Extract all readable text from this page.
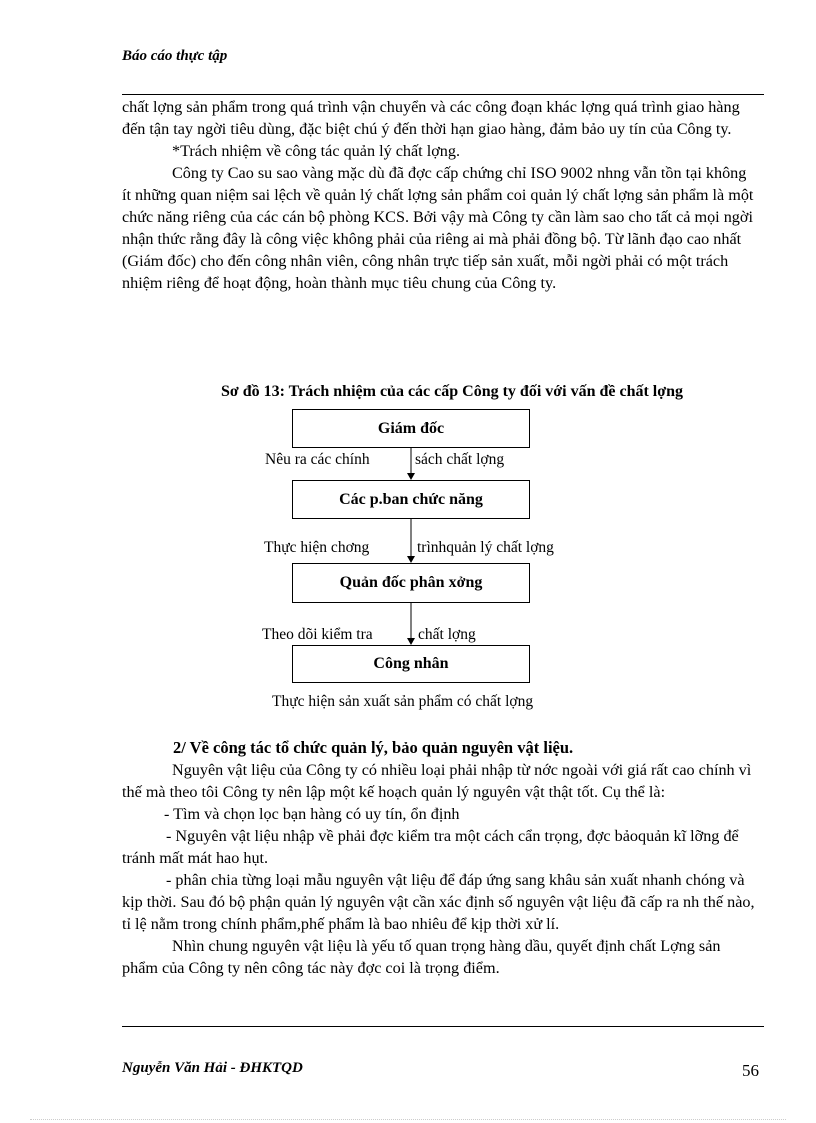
Báo cáo thực tập

chất lợng sản phẩm trong quá trình vận chuyển và các công đoạn khác lợng quá trình giao hàng đến tận tay ngời tiêu dùng, đặc biệt chú ý đến thời hạn giao hàng, đảm bảo uy tín của Công ty.

*Trách nhiệm về công tác quản lý chất lợng.

Công ty Cao su sao vàng mặc dù đã đợc cấp chứng chỉ ISO 9002 nhng vẫn tồn tại không ít những quan niệm sai lệch về quản lý chất lợng sản phẩm coi quản lý chất lợng sản phẩm là một chức năng riêng của các cán bộ phòng KCS. Bởi vậy mà Công ty cần làm sao cho tất cả mọi ngời nhận thức rằng đây là công việc không phải của riêng ai mà phải đồng bộ. Từ lãnh đạo cao nhất (Giám đốc) cho đến công nhân viên, công nhân trực tiếp sản xuất, mỗi ngời phải có một trách nhiệm riêng để hoạt động, hoàn thành mục tiêu chung của Công ty.

Sơ đồ 13: Trách nhiệm của các cấp Công ty đối với vấn đề chất lợng
Giám đốc
Các p.ban chức năng
Quản đốc phân xởng
Công nhân
Nêu ra các chính	sách chất lợng
Thực hiện chơng	trìnhquản lý chất lợng
Theo dõi kiểm tra	chất lợng
Thực hiện sản xuất sản phẩm có chất lợng
2/ Về công tác tổ chức quản lý, bảo quản nguyên vật liệu.

Nguyên vật liệu của Công ty có nhiều loại phải nhập từ nớc ngoài với giá rất cao chính vì thế mà theo tôi Công ty nên lập một kế hoạch quản lý nguyên vật thật tốt. Cụ thể là:

- Tìm và chọn lọc bạn hàng có uy tín, ổn định

- Nguyên vật liệu nhập về phải đợc kiểm tra một cách cẩn trọng, đợc bảoquản kĩ lỡng để tránh mất mát hao hụt.

- phân chia từng loại mẫu nguyên vật liệu để đáp ứng sang khâu sản xuất nhanh chóng và kịp thời. Sau đó bộ phận quản lý nguyên vật cần xác định số nguyên vật liệu đã cấp ra nh thế nào, tỉ lệ nằm trong chính phẩm,phế phẩm là bao nhiêu để kịp thời xử lí.

Nhìn chung nguyên vật liệu là yếu tố quan trọng hàng dầu, quyết định chất Lợng sản phẩm của Công ty nên công tác này đợc coi là trọng điểm.

Nguyễn Văn Hải - ĐHKTQD	56
